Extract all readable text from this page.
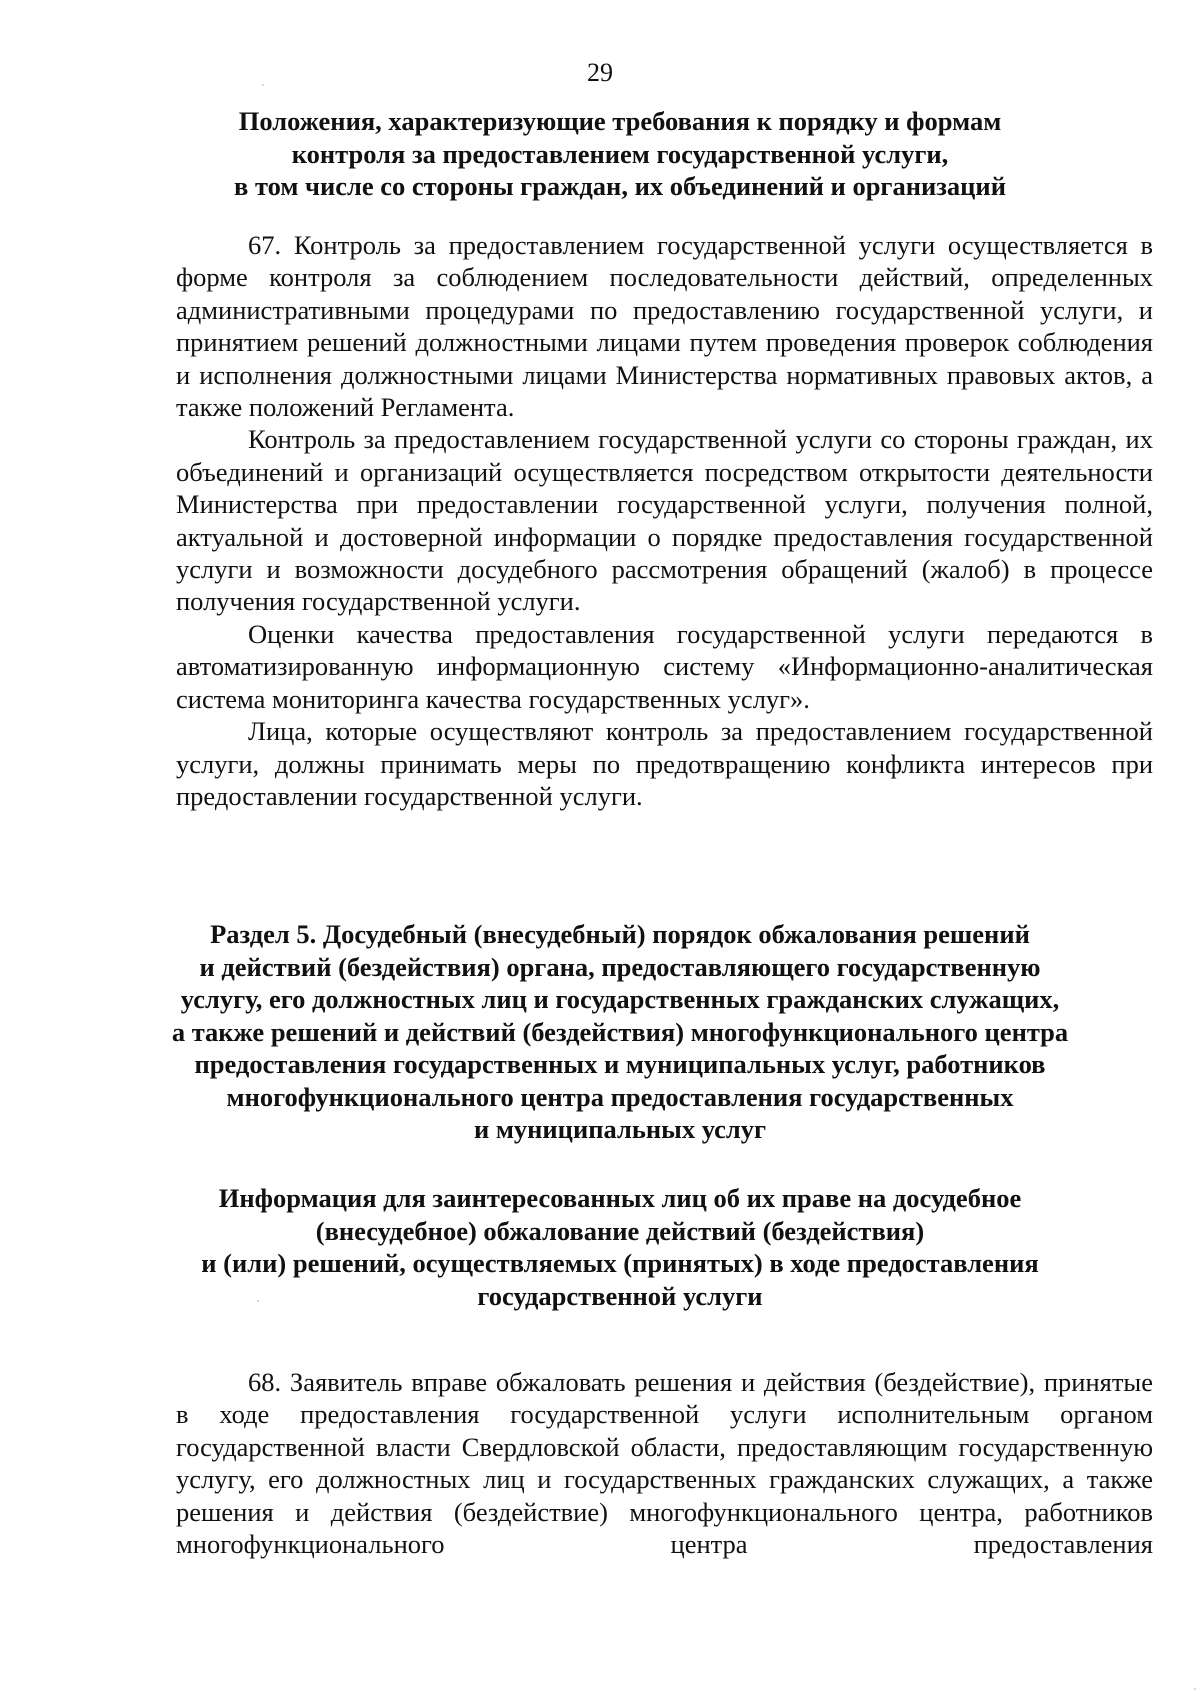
29
Положения, характеризующие требования к порядку и формам
контроля за предоставлением государственной услуги,
в том числе со стороны граждан, их объединений и организаций

67. Контроль за предоставлением государственной услуги осуществляется в форме контроля за соблюдением последовательности действий, определенных административными процедурами по предоставлению государственной услуги, и принятием решений должностными лицами путем проведения проверок соблюдения и исполнения должностными лицами Министерства нормативных правовых актов, а также положений Регламента.

Контроль за предоставлением государственной услуги со стороны граждан, их объединений и организаций осуществляется посредством открытости деятельности Министерства при предоставлении государственной услуги, получения полной, актуальной и достоверной информации о порядке предоставления государственной услуги и возможности досудебного рассмотрения обращений (жалоб) в процессе получения государственной услуги.

Оценки качества предоставления государственной услуги передаются в автоматизированную информационную систему «Информационно-аналитическая система мониторинга качества государственных услуг».

Лица, которые осуществляют контроль за предоставлением государственной услуги, должны принимать меры по предотвращению конфликта интересов при предоставлении государственной услуги.

Раздел 5. Досудебный (внесудебный) порядок обжалования решений
и действий (бездействия) органа, предоставляющего государственную
услугу, его должностных лиц и государственных гражданских служащих,
а также решений и действий (бездействия) многофункционального центра
предоставления государственных и муниципальных услуг, работников
многофункционального центра предоставления государственных
и муниципальных услуг
Информация для заинтересованных лиц об их праве на досудебное
(внесудебное) обжалование действий (бездействия)
и (или) решений, осуществляемых (принятых) в ходе предоставления
государственной услуги

68. Заявитель вправе обжаловать решения и действия (бездействие), принятые в ходе предоставления государственной услуги исполнительным органом государственной власти Свердловской области, предоставляющим государственную услугу, его должностных лиц и государственных гражданских служащих, а также решения и действия (бездействие) многофункционального центра, работников многофункционального центра предоставления
